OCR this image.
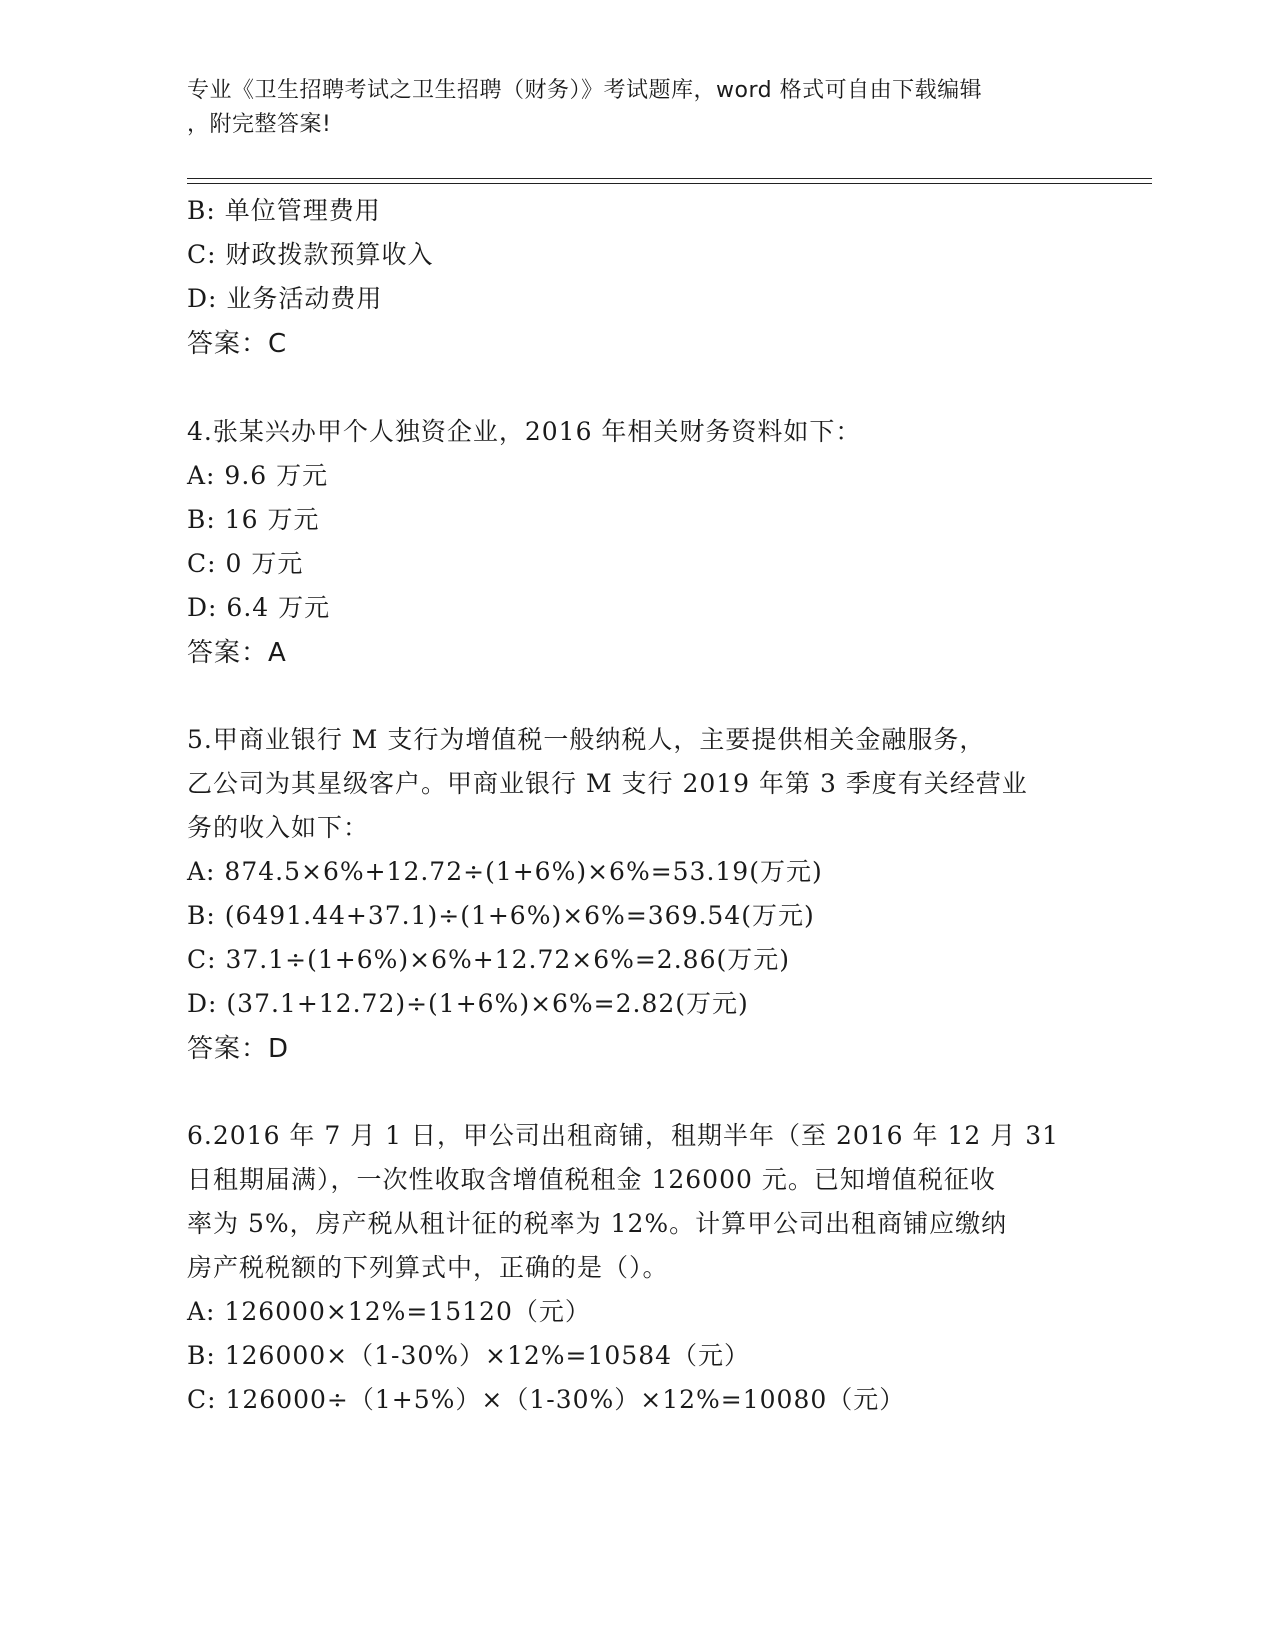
专业《卫生招聘考试之卫生招聘（财务）》考试题库，word 格式可自由下载编辑
，附完整答案!
B: 单位管理费用
C: 财政拨款预算收入
D: 业务活动费用
答案：C
4.张某兴办甲个人独资企业，2016 年相关财务资料如下：
A: 9.6 万元
B: 16 万元
C: 0 万元
D: 6.4 万元
答案：A
5.甲商业银行 M 支行为增值税一般纳税人，主要提供相关金融服务，
乙公司为其星级客户。甲商业银行 M 支行 2019 年第 3 季度有关经营业
务的收入如下：
A: 874.5×6%+12.72÷(1+6%)×6%=53.19(万元)
B: (6491.44+37.1)÷(1+6%)×6%=369.54(万元)
C: 37.1÷(1+6%)×6%+12.72×6%=2.86(万元)
D: (37.1+12.72)÷(1+6%)×6%=2.82(万元)
答案：D
6.2016 年 7 月 1 日，甲公司出租商铺，租期半年（至 2016 年 12 月 31
日租期届满），一次性收取含增值税租金 126000 元。已知增值税征收
率为 5%，房产税从租计征的税率为 12%。计算甲公司出租商铺应缴纳
房产税税额的下列算式中，正确的是（）。
A: 126000×12%=15120（元）
B: 126000×（1-30%）×12%=10584（元）
C: 126000÷（1+5%）×（1-30%）×12%=10080（元）
